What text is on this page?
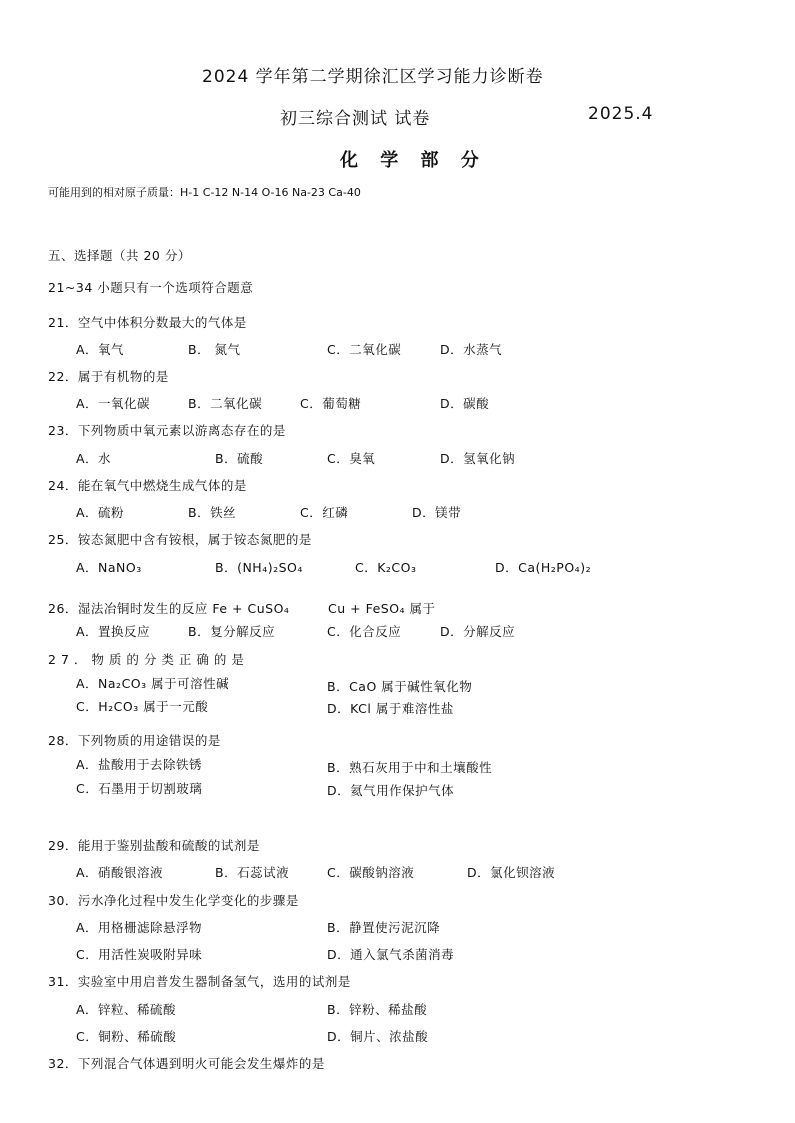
2024 学年第二学期徐汇区学习能力诊断卷
初三综合测试 试卷	2025.4
化 学 部 分
可能用到的相对原子质量：H-1 C-12 N-14 O-16 Na-23 Ca-40
五、选择题（共 20 分）
21~34 小题只有一个选项符合题意
21．空气中体积分数最大的气体是
A．氧气	B． 氮气	C．二氧化碳	D．水蒸气
22．属于有机物的是
A．一氧化碳	B．二氧化碳	C．葡萄糖	D．碳酸
23．下列物质中氧元素以游离态存在的是
A．水	B．硫酸	C．臭氧	D．氢氧化钠
24．能在氧气中燃烧生成气体的是
A．硫粉	B．铁丝	C．红磷	D．镁带
25．铵态氮肥中含有铵根，属于铵态氮肥的是
A．NaNO₃	B．(NH₄)₂SO₄	C．K₂CO₃	D．Ca(H₂PO₄)₂
26．湿法冶铜时发生的反应 Fe + CuSO₄	Cu + FeSO₄ 属于
A．置换反应	B．复分解反应	C．化合反应	D．分解反应
27．物质的分类正确的是
A．Na₂CO₃ 属于可溶性碱	B．CaO 属于碱性氧化物
C．H₂CO₃ 属于一元酸	D．KCl 属于难溶性盐
28．下列物质的用途错误的是
A．盐酸用于去除铁锈	B．熟石灰用于中和土壤酸性
C．石墨用于切割玻璃	D．氦气用作保护气体
29．能用于鉴别盐酸和硫酸的试剂是
A．硝酸银溶液	B．石蕊试液	C．碳酸钠溶液	D．氯化钡溶液
30．污水净化过程中发生化学变化的步骤是
A．用格栅滤除悬浮物	B．静置使污泥沉降
C．用活性炭吸附异味	D．通入氯气杀菌消毒
31．实验室中用启普发生器制备氢气，选用的试剂是
A．锌粒、稀硫酸	B．锌粉、稀盐酸
C．铜粉、稀硫酸	D．铜片、浓盐酸
32．下列混合气体遇到明火可能会发生爆炸的是
